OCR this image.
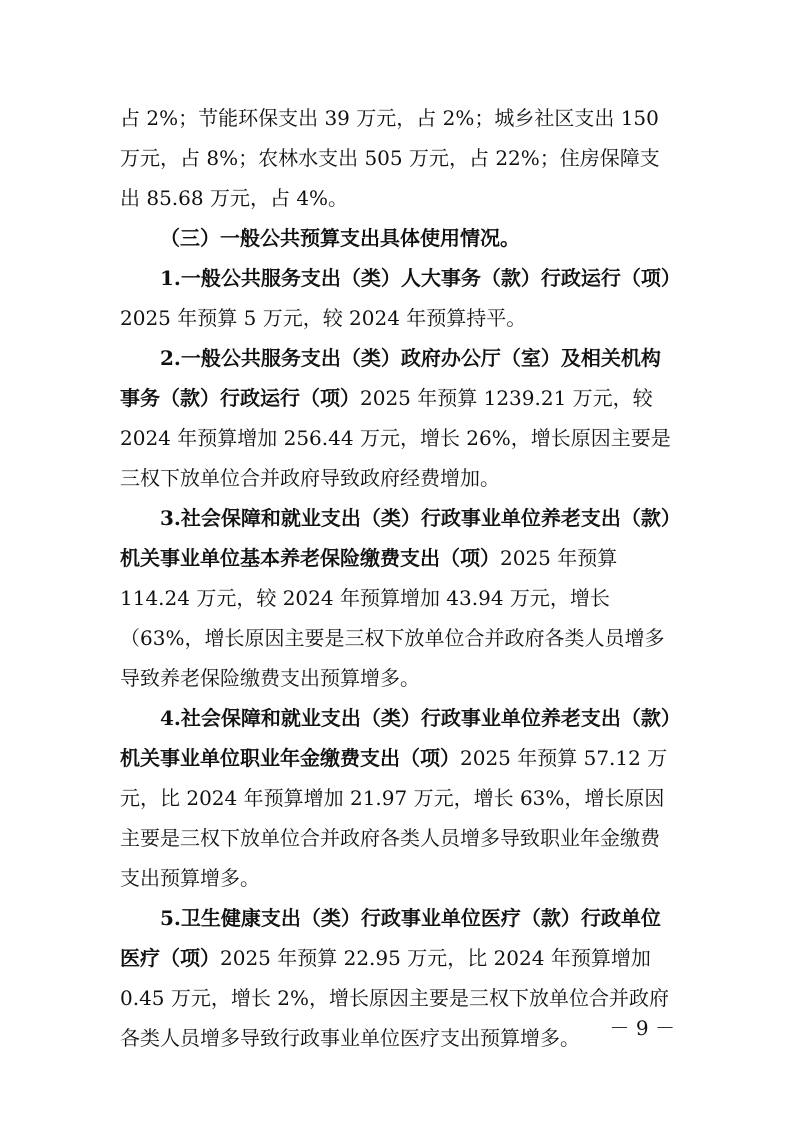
占 2%；节能环保支出 39 万元，占 2%；城乡社区支出 150 万元，占 8%；农林水支出 505 万元，占 22%；住房保障支出 85.68 万元，占 4%。

（三）一般公共预算支出具体使用情况。

1.一般公共服务支出（类）人大事务（款）行政运行（项）2025 年预算 5 万元，较 2024 年预算持平。

2.一般公共服务支出（类）政府办公厅（室）及相关机构事务（款）行政运行（项）2025 年预算 1239.21 万元，较 2024 年预算增加 256.44 万元，增长 26%，增长原因主要是三权下放单位合并政府导致政府经费增加。

3.社会保障和就业支出（类）行政事业单位养老支出（款）机关事业单位基本养老保险缴费支出（项）2025 年预算 114.24 万元，较 2024 年预算增加 43.94 万元，增长（63%，增长原因主要是三权下放单位合并政府各类人员增多导致养老保险缴费支出预算增多。

4.社会保障和就业支出（类）行政事业单位养老支出（款）机关事业单位职业年金缴费支出（项）2025 年预算 57.12 万元，比 2024 年预算增加 21.97 万元，增长 63%，增长原因主要是三权下放单位合并政府各类人员增多导致职业年金缴费支出预算增多。

5.卫生健康支出（类）行政事业单位医疗（款）行政单位医疗（项）2025 年预算 22.95 万元，比 2024 年预算增加 0.45 万元，增长 2%，增长原因主要是三权下放单位合并政府各类人员增多导致行政事业单位医疗支出预算增多。	－ 9 －
